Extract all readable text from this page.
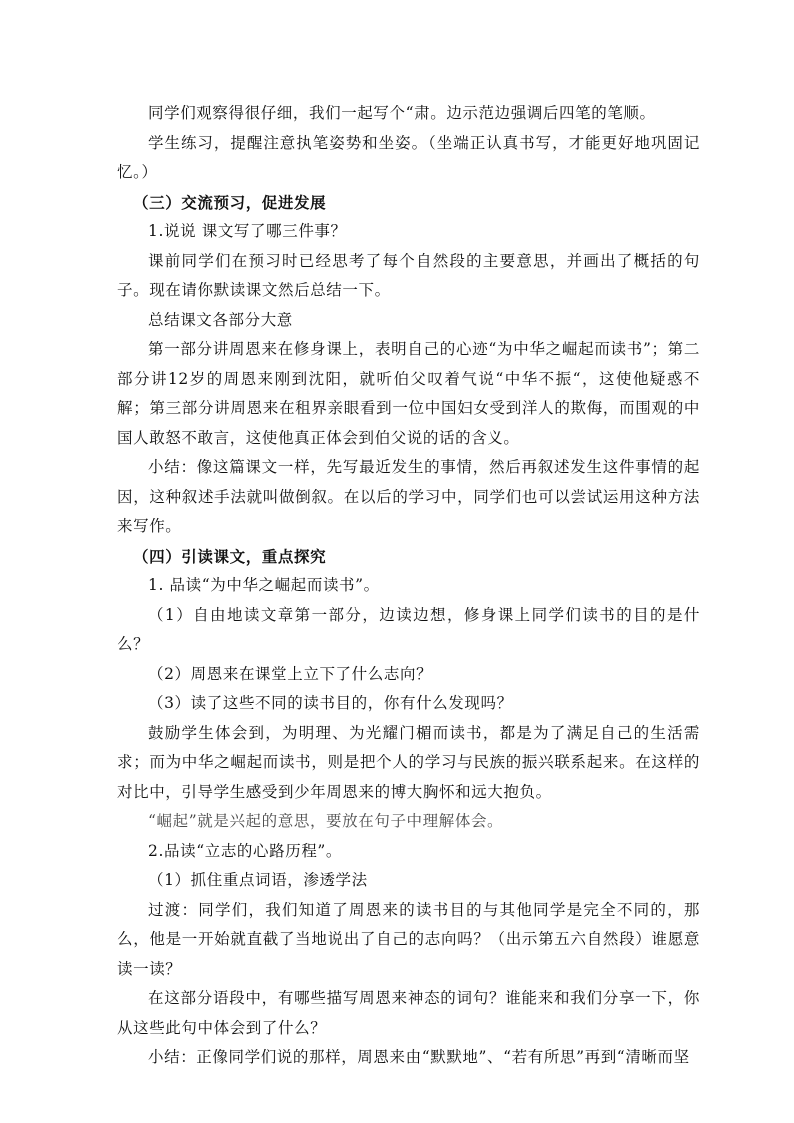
同学们观察得很仔细，我们一起写个“肃。边示范边强调后四笔的笔顺。

学生练习，提醒注意执笔姿势和坐姿。（坐端正认真书写，才能更好地巩固记忆。）

（三）交流预习，促进发展

1.说说 课文写了哪三件事？

课前同学们在预习时已经思考了每个自然段的主要意思，并画出了概括的句子。现在请你默读课文然后总结一下。

总结课文各部分大意

第一部分讲周恩来在修身课上，表明自己的心迹“为中华之崛起而读书”；第二部分讲12岁的周恩来刚到沈阳，就听伯父叹着气说“中华不振“，这使他疑惑不解；第三部分讲周恩来在租界亲眼看到一位中国妇女受到洋人的欺侮，而围观的中国人敢怒不敢言，这使他真正体会到伯父说的话的含义。

小结：像这篇课文一样，先写最近发生的事情，然后再叙述发生这件事情的起因，这种叙述手法就叫做倒叙。在以后的学习中，同学们也可以尝试运用这种方法来写作。

（四）引读课文，重点探究

1. 品读“为中华之崛起而读书”。

（1）自由地读文章第一部分，边读边想，修身课上同学们读书的目的是什么？

（2）周恩来在课堂上立下了什么志向？

（3）读了这些不同的读书目的，你有什么发现吗？

鼓励学生体会到，为明理、为光耀门楣而读书，都是为了满足自己的生活需求；而为中华之崛起而读书，则是把个人的学习与民族的振兴联系起来。在这样的对比中，引导学生感受到少年周恩来的博大胸怀和远大抱负。

“崛起”就是兴起的意思，要放在句子中理解体会。

2.品读“立志的心路历程”。

（1）抓住重点词语，渗透学法

过渡：同学们，我们知道了周恩来的读书目的与其他同学是完全不同的，那么，他是一开始就直截了当地说出了自己的志向吗？（出示第五六自然段）谁愿意读一读？

在这部分语段中，有哪些描写周恩来神态的词句？谁能来和我们分享一下，你从这些此句中体会到了什么？

小结：正像同学们说的那样，周恩来由“默默地”、“若有所思”再到“清晰而坚
